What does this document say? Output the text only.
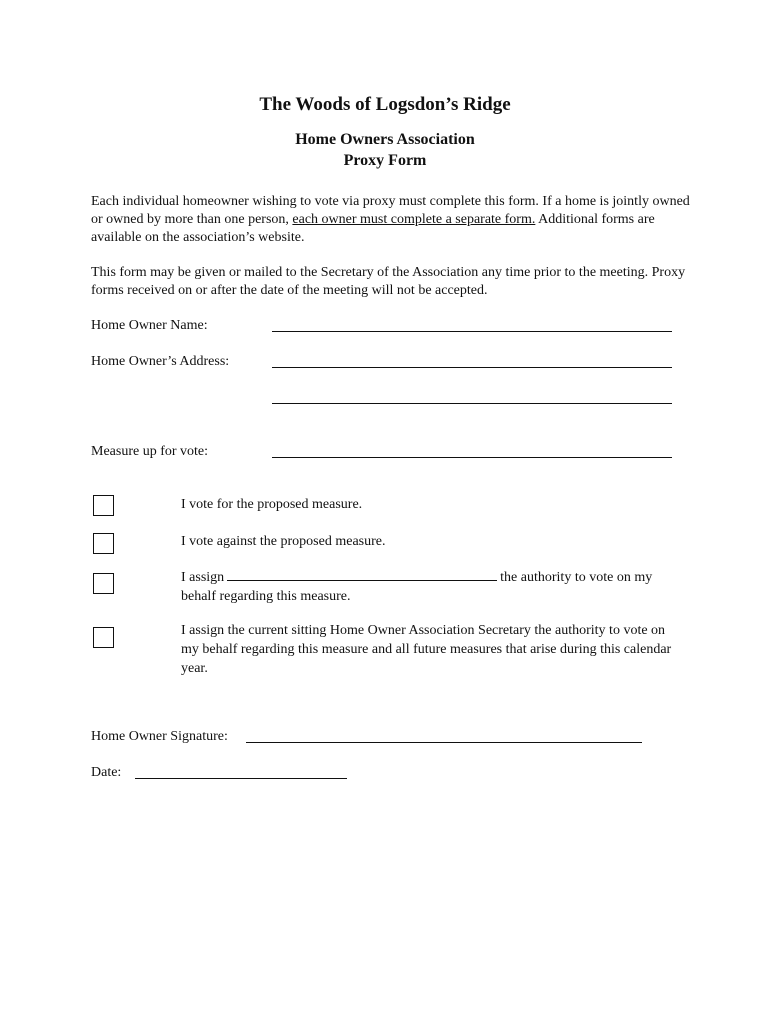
The Woods of Logsdon’s Ridge
Home Owners Association
Proxy Form
Each individual homeowner wishing to vote via proxy must complete this form. If a home is jointly owned or owned by more than one person, each owner must complete a separate form. Additional forms are available on the association’s website.
This form may be given or mailed to the Secretary of the Association any time prior to the meeting. Proxy forms received on or after the date of the meeting will not be accepted.
Home Owner Name:
Home Owner’s Address:
Measure up for vote:
I vote for the proposed measure.
I vote against the proposed measure.
I assign	the authority to vote on my behalf regarding this measure.
I assign the current sitting Home Owner Association Secretary the authority to vote on my behalf regarding this measure and all future measures that arise during this calendar year.
Home Owner Signature:
Date:
